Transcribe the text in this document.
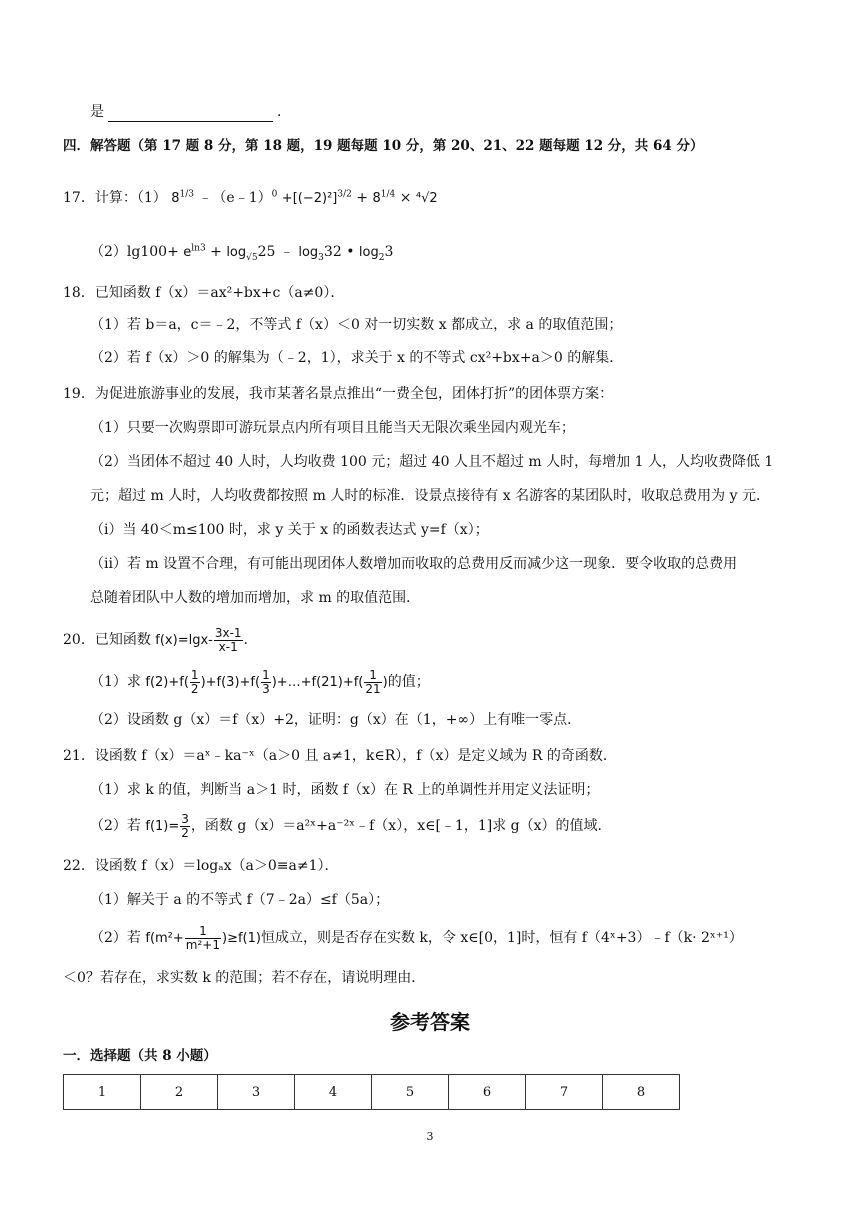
是	．
四．解答题（第 17 题 8 分，第 18 题，19 题每题 10 分，第 20、21、22 题每题 12 分，共 64 分）
17．计算：（1） $8^{1/3}$ ﹣（e﹣1）$^0$ $+[(-2)^2]^{3/2} + 8^{1/4} \times ^4√2$
$(2)\lg 100+ e^{ln3} + \log_{√5}25$ ﹣ $\log_332$ • $\log_23$
18．已知函数 f（x）＝ax²+bx+c（a≠0）．
（1）若 b＝a，c＝﹣2，不等式 f（x）＜0 对一切实数 x 都成立，求 a 的取值范围；
（2）若 f（x）＞0 的解集为（﹣2，1），求关于 x 的不等式 cx²+bx+a＞0 的解集．
19．为促进旅游事业的发展，我市某著名景点推出“一费全包，团体打折”的团体票方案：
（1）只要一次购票即可游玩景点内所有项目且能当天无限次乘坐园内观光车；
（2）当团体不超过 40 人时，人均收费 100 元；超过 40 人且不超过 m 人时，每增加 1 人，人均收费降低 1
元；超过 m 人时，人均收费都按照 m 人时的标准．设景点接待有 x 名游客的某团队时，收取总费用为 y 元．
（i）当 40＜m≤100 时，求 y 关于 x 的函数表达式 y=f（x）；
（ii）若 m 设置不合理，有可能出现团体人数增加而收取的总费用反而减少这一现象．要令收取的总费用
总随着团队中人数的增加而增加，求 m 的取值范围．
20．已知函数 $f(x)=\lg x- \frac{3x-1}{x-1}$ .
（1）求 $f(2)+f( \frac{1}{2} )+f(3)+f( \frac{1}{3}$ )+…+f(21)+f( $\frac{1}{21}$ )的值；
（2）设函数 g（x）＝f（x）+2，证明：g（x）在（1，+∞）上有唯一零点．
21．设函数 f（x）＝aˣ﹣ka⁻ˣ（a＞0 且 a≠1，k∈R），f（x）是定义域为 R 的奇函数．
（1）求 k 的值，判断当 a＞1 时，函数 f（x）在 R 上的单调性并用定义法证明；
（2）若 $f(1)= \frac{3}{2}$ ，函数 g（x）＝a²ˣ+a⁻²ˣ﹣f（x），x∈[﹣1，1]求 g（x）的值域．
22．设函数 f（x）＝logₐx（a＞0≡a≠1）．
（1）解关于 a 的不等式 f（7﹣2a）≤f（5a）；
（2）若 $f(m^2+ \frac{1}{\text{m²+1}} )\ge f(1)$恒成立，则是否存在实数 k，令 x∈[0，1]时，恒有 f（4ˣ+3）﹣f（k· 2ˣ⁺¹）
＜0？若存在，求实数 k 的范围；若不存在，请说明理由．
参考答案
一．选择题（共 8 小题）
1	2	3	4	5	6	7	8
3
